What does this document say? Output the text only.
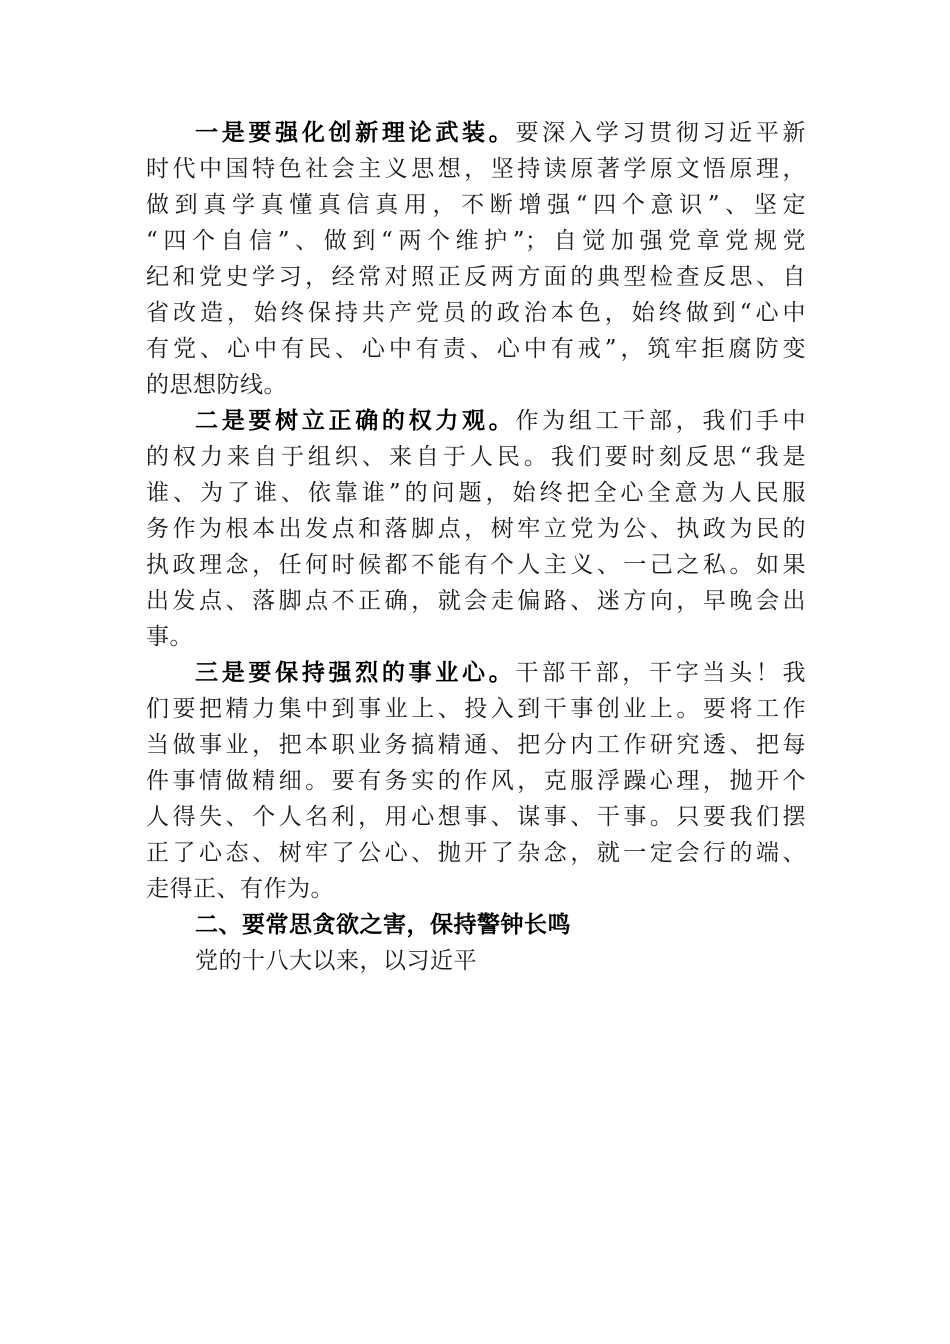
一是要强化创新理论武装。要深入学习贯彻习近平新
时代中国特色社会主义思想，坚持读原著学原文悟原理，
做到真学真懂真信真用，不断增强“四个意识”、坚定
“四个自信”、做到“两个维护”；自觉加强党章党规党
纪和党史学习，经常对照正反两方面的典型检查反思、自
省改造，始终保持共产党员的政治本色，始终做到“心中
有党、心中有民、心中有责、心中有戒”，筑牢拒腐防变
的思想防线。
二是要树立正确的权力观。作为组工干部，我们手中
的权力来自于组织、来自于人民。我们要时刻反思“我是
谁、为了谁、依靠谁”的问题，始终把全心全意为人民服
务作为根本出发点和落脚点，树牢立党为公、执政为民的
执政理念，任何时候都不能有个人主义、一己之私。如果
出发点、落脚点不正确，就会走偏路、迷方向，早晚会出
事。
三是要保持强烈的事业心。干部干部，干字当头！我
们要把精力集中到事业上、投入到干事创业上。要将工作
当做事业，把本职业务搞精通、把分内工作研究透、把每
件事情做精细。要有务实的作风，克服浮躁心理，抛开个
人得失、个人名利，用心想事、谋事、干事。只要我们摆
正了心态、树牢了公心、抛开了杂念，就一定会行的端、
走得正、有作为。
二、要常思贪欲之害，保持警钟长鸣
党的十八大以来，以习近平
